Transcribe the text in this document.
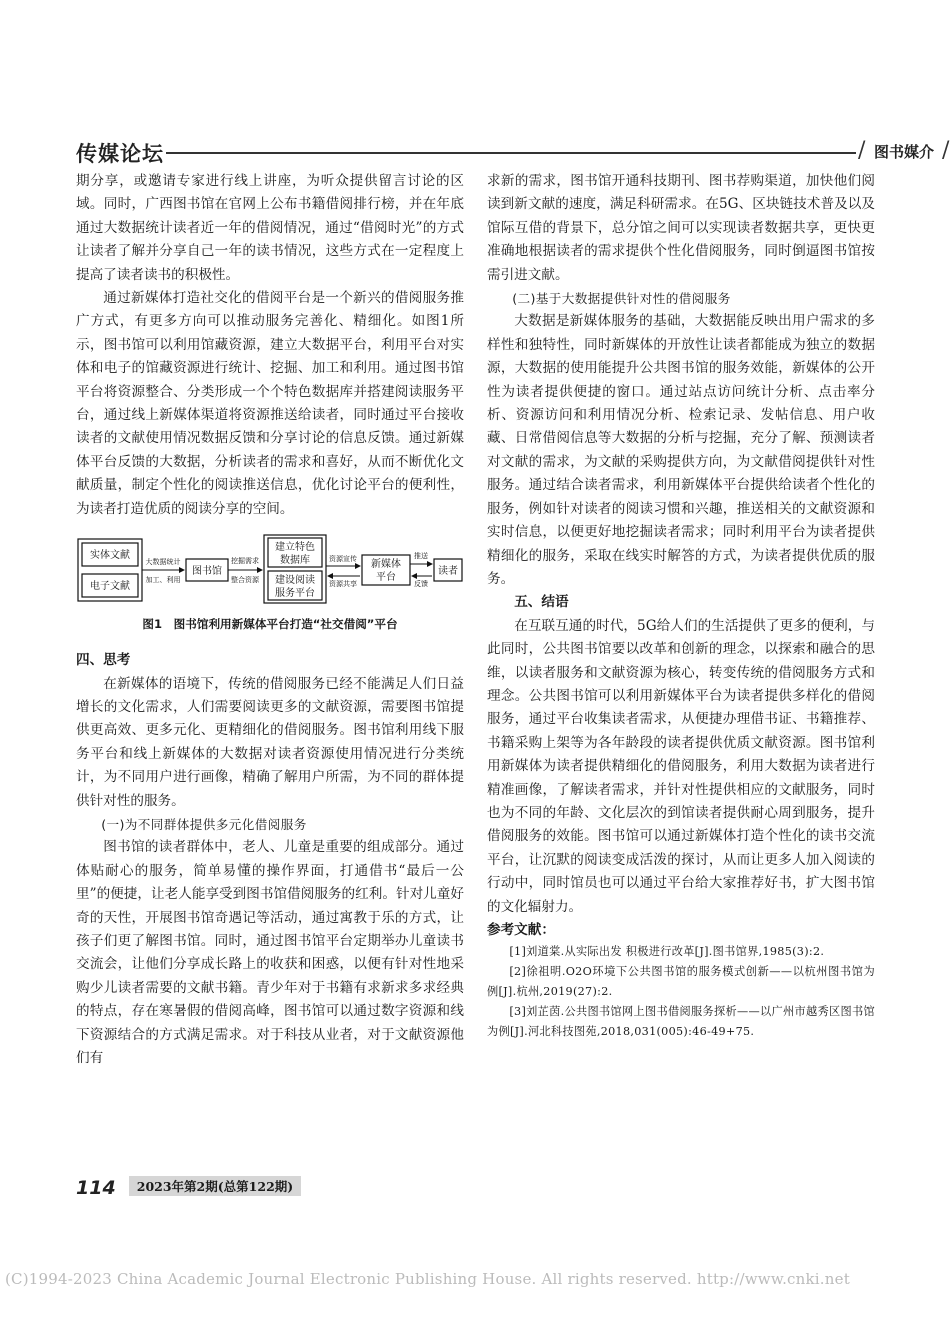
传媒论坛	/ 图书媒介 /

期分享，或邀请专家进行线上讲座，为听众提供留言讨论的区域。同时，广西图书馆在官网上公布书籍借阅排行榜，并在年底通过大数据统计读者近一年的借阅情况，通过“借阅时光”的方式让读者了解并分享自己一年的读书情况，这些方式在一定程度上提高了读者读书的积极性。

通过新媒体打造社交化的借阅平台是一个新兴的借阅服务推广方式，有更多方向可以推动服务完善化、精细化。如图1所示，图书馆可以利用馆藏资源，建立大数据平台，利用平台对实体和电子的馆藏资源进行统计、挖掘、加工和利用。通过图书馆平台将资源整合、分类形成一个个特色数据库并搭建阅读服务平台，通过线上新媒体渠道将资源推送给读者，同时通过平台接收读者的文献使用情况数据反馈和分享讨论的信息反馈。通过新媒体平台反馈的大数据，分析读者的需求和喜好，从而不断优化文献质量，制定个性化的阅读推送信息，优化讨论平台的便利性，为读者打造优质的阅读分享的空间。

实体文献
电子文献
大数据统计
加工、利用
图书馆
挖掘需求
整合资源
建立特色
数据库
建设阅读
服务平台
资源宣传
资源共享
新媒体
平台
推送
反馈
读者
图1　图书馆利用新媒体平台打造“社交借阅”平台

四、思考

在新媒体的语境下，传统的借阅服务已经不能满足人们日益增长的文化需求，人们需要阅读更多的文献资源，需要图书馆提供更高效、更多元化、更精细化的借阅服务。图书馆利用线下服务平台和线上新媒体的大数据对读者资源使用情况进行分类统计，为不同用户进行画像，精确了解用户所需，为不同的群体提供针对性的服务。

(一)为不同群体提供多元化借阅服务

图书馆的读者群体中，老人、儿童是重要的组成部分。通过体贴耐心的服务，简单易懂的操作界面，打通借书“最后一公里”的便捷，让老人能享受到图书馆借阅服务的红利。针对儿童好奇的天性，开展图书馆奇遇记等活动，通过寓教于乐的方式，让孩子们更了解图书馆。同时，通过图书馆平台定期举办儿童读书交流会，让他们分享成长路上的收获和困惑，以便有针对性地采购少儿读者需要的文献书籍。青少年对于书籍有求新求多求经典的特点，存在寒暑假的借阅高峰，图书馆可以通过数字资源和线下资源结合的方式满足需求。对于科技从业者，对于文献资源他们有

求新的需求，图书馆开通科技期刊、图书荐购渠道，加快他们阅读到新文献的速度，满足科研需求。在5G、区块链技术普及以及馆际互借的背景下，总分馆之间可以实现读者数据共享，更快更准确地根据读者的需求提供个性化借阅服务，同时倒逼图书馆按需引进文献。

(二)基于大数据提供针对性的借阅服务

大数据是新媒体服务的基础，大数据能反映出用户需求的多样性和独特性，同时新媒体的开放性让读者都能成为独立的数据源，大数据的使用能提升公共图书馆的服务效能，新媒体的公开性为读者提供便捷的窗口。通过站点访问统计分析、点击率分析、资源访问和利用情况分析、检索记录、发帖信息、用户收藏、日常借阅信息等大数据的分析与挖掘，充分了解、预测读者对文献的需求，为文献的采购提供方向，为文献借阅提供针对性服务。通过结合读者需求，利用新媒体平台提供给读者个性化的服务，例如针对读者的阅读习惯和兴趣，推送相关的文献资源和实时信息，以便更好地挖掘读者需求；同时利用平台为读者提供精细化的服务，采取在线实时解答的方式，为读者提供优质的服务。

五、结语

在互联互通的时代，5G给人们的生活提供了更多的便利，与此同时，公共图书馆要以改革和创新的理念，以探索和融合的思维，以读者服务和文献资源为核心，转变传统的借阅服务方式和理念。公共图书馆可以利用新媒体平台为读者提供多样化的借阅服务，通过平台收集读者需求，从便捷办理借书证、书籍推荐、书籍采购上架等为各年龄段的读者提供优质文献资源。图书馆利用新媒体为读者提供精细化的借阅服务，利用大数据为读者进行精准画像，了解读者需求，并针对性提供相应的文献服务，同时也为不同的年龄、文化层次的到馆读者提供耐心周到服务，提升借阅服务的效能。图书馆可以通过新媒体打造个性化的读书交流平台，让沉默的阅读变成活泼的探讨，从而让更多人加入阅读的行动中，同时馆员也可以通过平台给大家推荐好书，扩大图书馆的文化辐射力。

参考文献：

[1]刘道棠.从实际出发 积极进行改革[J].图书馆界,1985(3):2.

[2]徐祖明.O2O环境下公共图书馆的服务模式创新——以杭州图书馆为例[J].杭州,2019(27):2.

[3]刘芷茵.公共图书馆网上图书借阅服务探析——以广州市越秀区图书馆为例[J].河北科技图苑,2018,031(005):46-49+75.

114 2023年第2期(总第122期)
(C)1994-2023 China Academic Journal Electronic Publishing House. All rights reserved. http://www.cnki.net
